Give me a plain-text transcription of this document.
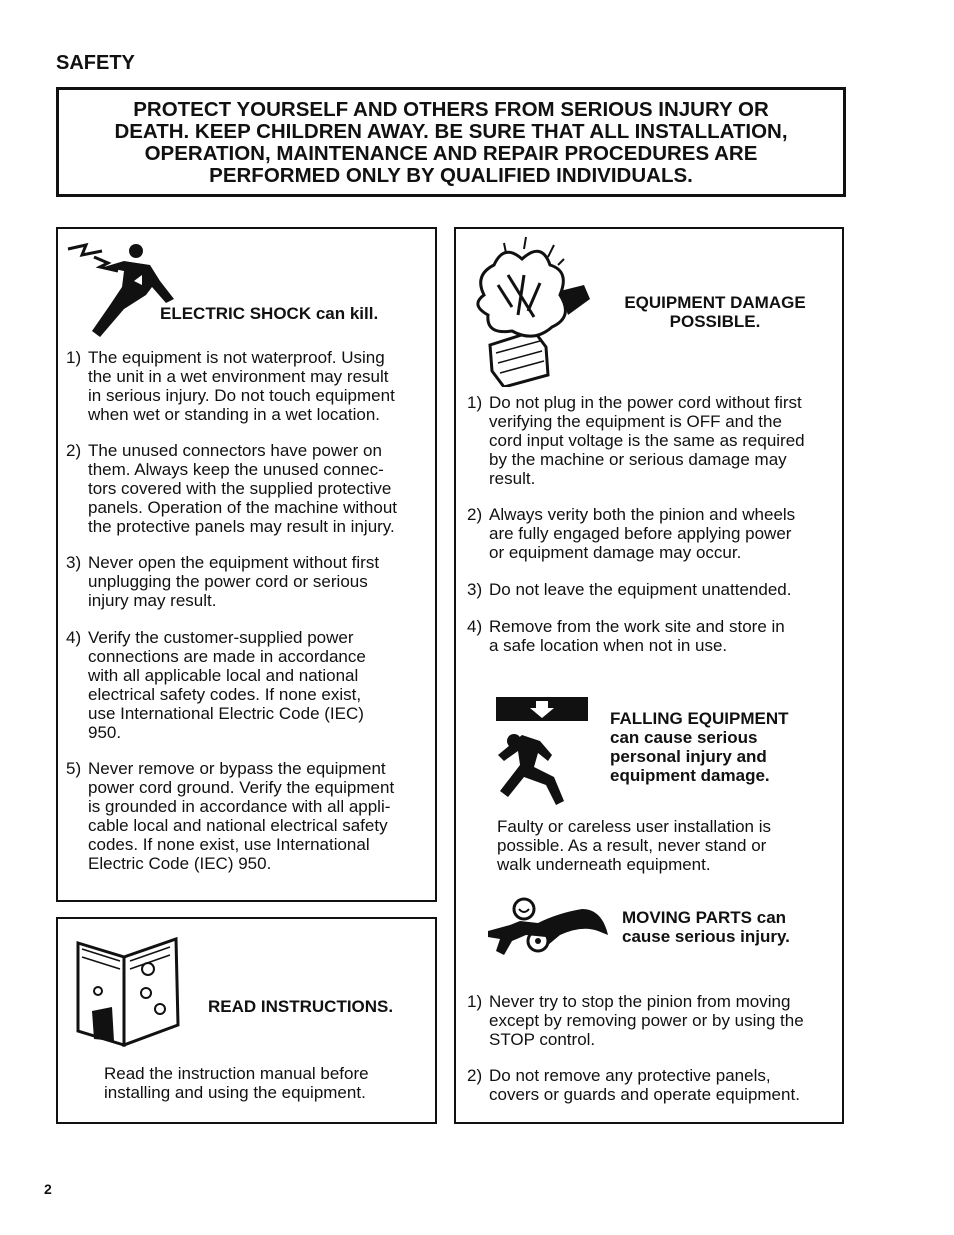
SAFETY
PROTECT YOURSELF AND OTHERS FROM SERIOUS INJURY OR
DEATH. KEEP CHILDREN AWAY. BE SURE THAT ALL INSTALLATION,
OPERATION, MAINTENANCE AND REPAIR PROCEDURES ARE
PERFORMED ONLY BY QUALIFIED INDIVIDUALS.
ELECTRIC SHOCK can kill.
1) The equipment is not waterproof. Using
the unit in a wet environment may result
in serious injury. Do not touch equipment
when wet or standing in a wet location.
2) The unused connectors have power on
them. Always keep the unused connec-
tors covered with the supplied protective
panels. Operation of the machine without
the protective panels may result in injury.
3) Never open the equipment without first
unplugging the power cord or serious
injury may result.
4) Verify the customer-supplied power
connections are made in accordance
with all applicable local and national
electrical safety codes. If none exist,
use International Electric Code (IEC)
950.
5) Never remove or bypass the equipment
power cord ground. Verify the equipment
is grounded in accordance with all appli-
cable local and national electrical safety
codes. If none exist, use International
Electric Code (IEC) 950.
READ INSTRUCTIONS.
Read the instruction manual before
installing and using the equipment.
EQUIPMENT DAMAGE
POSSIBLE.
1) Do not plug in the power cord without first
verifying the equipment is OFF and the
cord input voltage is the same as required
by the machine or serious damage may
result.
2) Always verity both the pinion and wheels
are fully engaged before applying power
or equipment damage may occur.
3) Do not leave the equipment unattended.
4) Remove from the work site and store in
a safe location when not in use.
FALLING EQUIPMENT
can cause serious
personal injury and
equipment damage.
Faulty or careless user installation is
possible. As a result, never stand or
walk underneath equipment.
MOVING PARTS can
cause serious injury.
1) Never try to stop the pinion from moving
except by removing power or by using the
STOP control.
2) Do not remove any protective panels,
covers or guards and operate equipment.
2
